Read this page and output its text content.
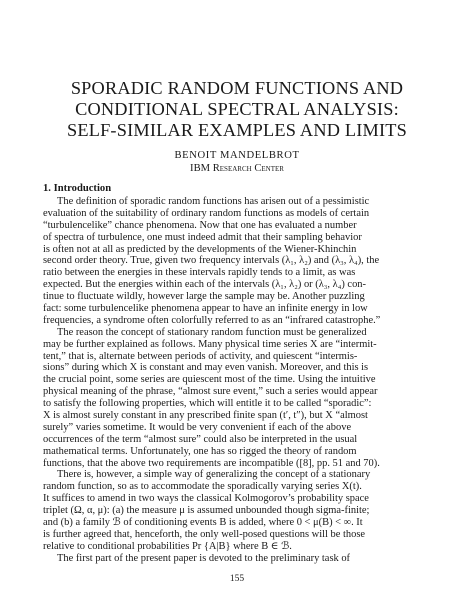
SPORADIC RANDOM FUNCTIONS AND
CONDITIONAL SPECTRAL ANALYSIS:
SELF-SIMILAR EXAMPLES AND LIMITS
BENOIT MANDELBROT
IBM Research Center
1. Introduction
The definition of sporadic random functions has arisen out of a pessimistic
evaluation of the suitability of ordinary random functions as models of certain
“turbulencelike” chance phenomena. Now that one has evaluated a number
of spectra of turbulence, one must indeed admit that their sampling behavior
is often not at all as predicted by the developments of the Wiener-Khinchin
second order theory. True, given two frequency intervals (λ₁, λ₂) and (λ₃, λ₄), the
ratio between the energies in these intervals rapidly tends to a limit, as was
expected. But the energies within each of the intervals (λ₁, λ₂) or (λ₃, λ₄) con-
tinue to fluctuate wildly, however large the sample may be. Another puzzling
fact: some turbulencelike phenomena appear to have an infinite energy in low
frequencies, a syndrome often colorfully referred to as an “infrared catastrophe.”
The reason the concept of stationary random function must be generalized
may be further explained as follows. Many physical time series X are “intermit-
tent,” that is, alternate between periods of activity, and quiescent “intermis-
sions” during which X is constant and may even vanish. Moreover, and this is
the crucial point, some series are quiescent most of the time. Using the intuitive
physical meaning of the phrase, “almost sure event,” such a series would appear
to satisfy the following properties, which will entitle it to be called “sporadic”:
X is almost surely constant in any prescribed finite span (t′, t″), but X “almost
surely” varies sometime. It would be very convenient if each of the above
occurrences of the term “almost sure” could also be interpreted in the usual
mathematical terms. Unfortunately, one has so rigged the theory of random
functions, that the above two requirements are incompatible ([8], pp. 51 and 70).
There is, however, a simple way of generalizing the concept of a stationary
random function, so as to accommodate the sporadically varying series X(t).
It suffices to amend in two ways the classical Kolmogorov’s probability space
triplet (Ω, α, μ): (a) the measure μ is assumed unbounded though sigma-finite;
and (b) a family ℬ of conditioning events B is added, where 0 < μ(B) < ∞. It
is further agreed that, henceforth, the only well-posed questions will be those
relative to conditional probabilities Pr {A|B} where B ∈ ℬ.
The first part of the present paper is devoted to the preliminary task of
155
